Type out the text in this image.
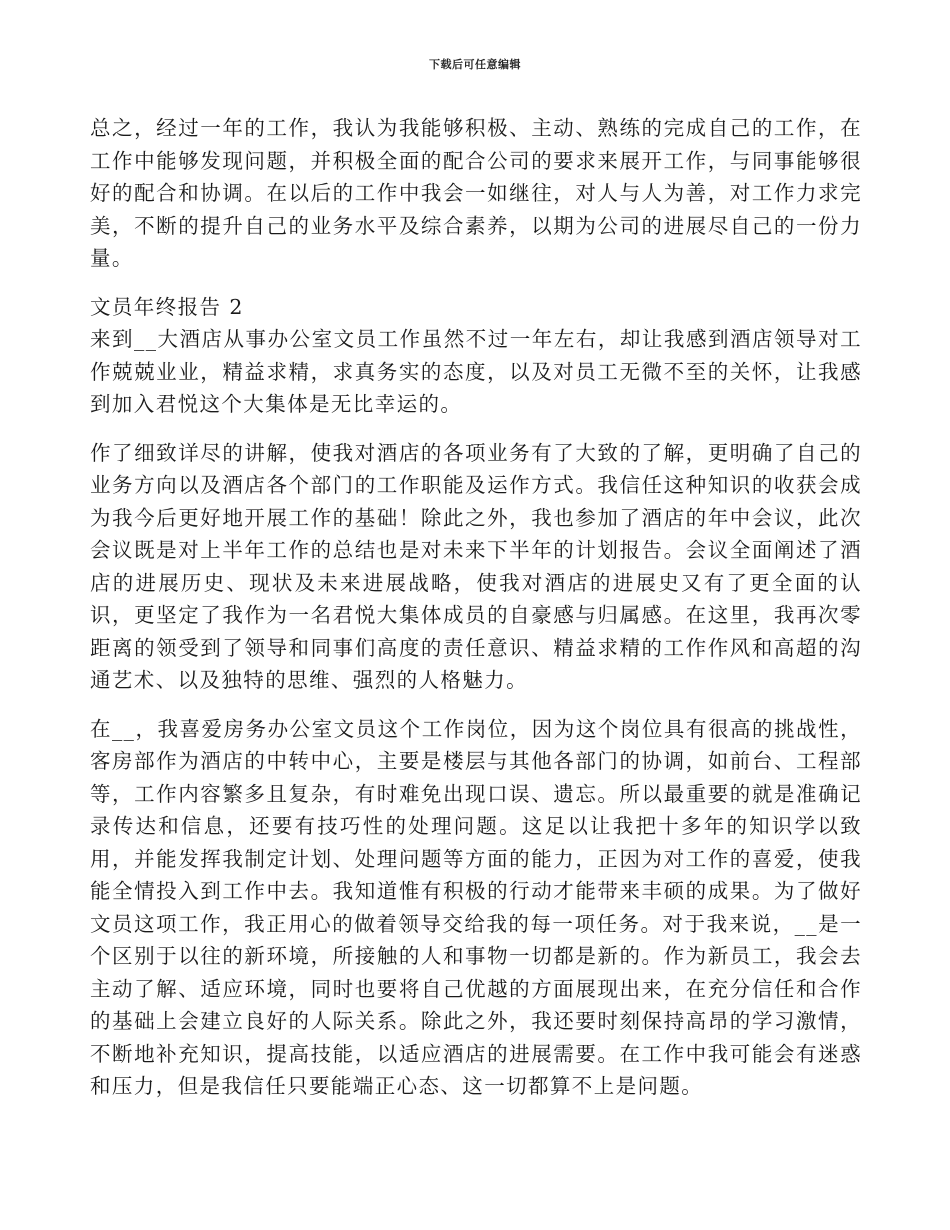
下载后可任意编辑
总之，经过一年的工作，我认为我能够积极、主动、熟练的完成自己的工作，在
工作中能够发现问题，并积极全面的配合公司的要求来展开工作，与同事能够很
好的配合和协调。在以后的工作中我会一如继往，对人与人为善，对工作力求完
美，不断的提升自己的业务水平及综合素养，以期为公司的进展尽自己的一份力
量。
文员年终报告 2
来到__大酒店从事办公室文员工作虽然不过一年左右，却让我感到酒店领导对工
作兢兢业业，精益求精，求真务实的态度，以及对员工无微不至的关怀，让我感
到加入君悦这个大集体是无比幸运的。
作了细致详尽的讲解，使我对酒店的各项业务有了大致的了解，更明确了自己的
业务方向以及酒店各个部门的工作职能及运作方式。我信任这种知识的收获会成
为我今后更好地开展工作的基础！除此之外，我也参加了酒店的年中会议，此次
会议既是对上半年工作的总结也是对未来下半年的计划报告。会议全面阐述了酒
店的进展历史、现状及未来进展战略，使我对酒店的进展史又有了更全面的认
识，更坚定了我作为一名君悦大集体成员的自豪感与归属感。在这里，我再次零
距离的领受到了领导和同事们高度的责任意识、精益求精的工作作风和高超的沟
通艺术、以及独特的思维、强烈的人格魅力。
在__，我喜爱房务办公室文员这个工作岗位，因为这个岗位具有很高的挑战性，
客房部作为酒店的中转中心，主要是楼层与其他各部门的协调，如前台、工程部
等，工作内容繁多且复杂，有时难免出现口误、遗忘。所以最重要的就是准确记
录传达和信息，还要有技巧性的处理问题。这足以让我把十多年的知识学以致
用，并能发挥我制定计划、处理问题等方面的能力，正因为对工作的喜爱，使我
能全情投入到工作中去。我知道惟有积极的行动才能带来丰硕的成果。为了做好
文员这项工作，我正用心的做着领导交给我的每一项任务。对于我来说，__是一
个区别于以往的新环境，所接触的人和事物一切都是新的。作为新员工，我会去
主动了解、适应环境，同时也要将自己优越的方面展现出来，在充分信任和合作
的基础上会建立良好的人际关系。除此之外，我还要时刻保持高昂的学习激情，
不断地补充知识，提高技能，以适应酒店的进展需要。在工作中我可能会有迷惑
和压力，但是我信任只要能端正心态、这一切都算不上是问题。
